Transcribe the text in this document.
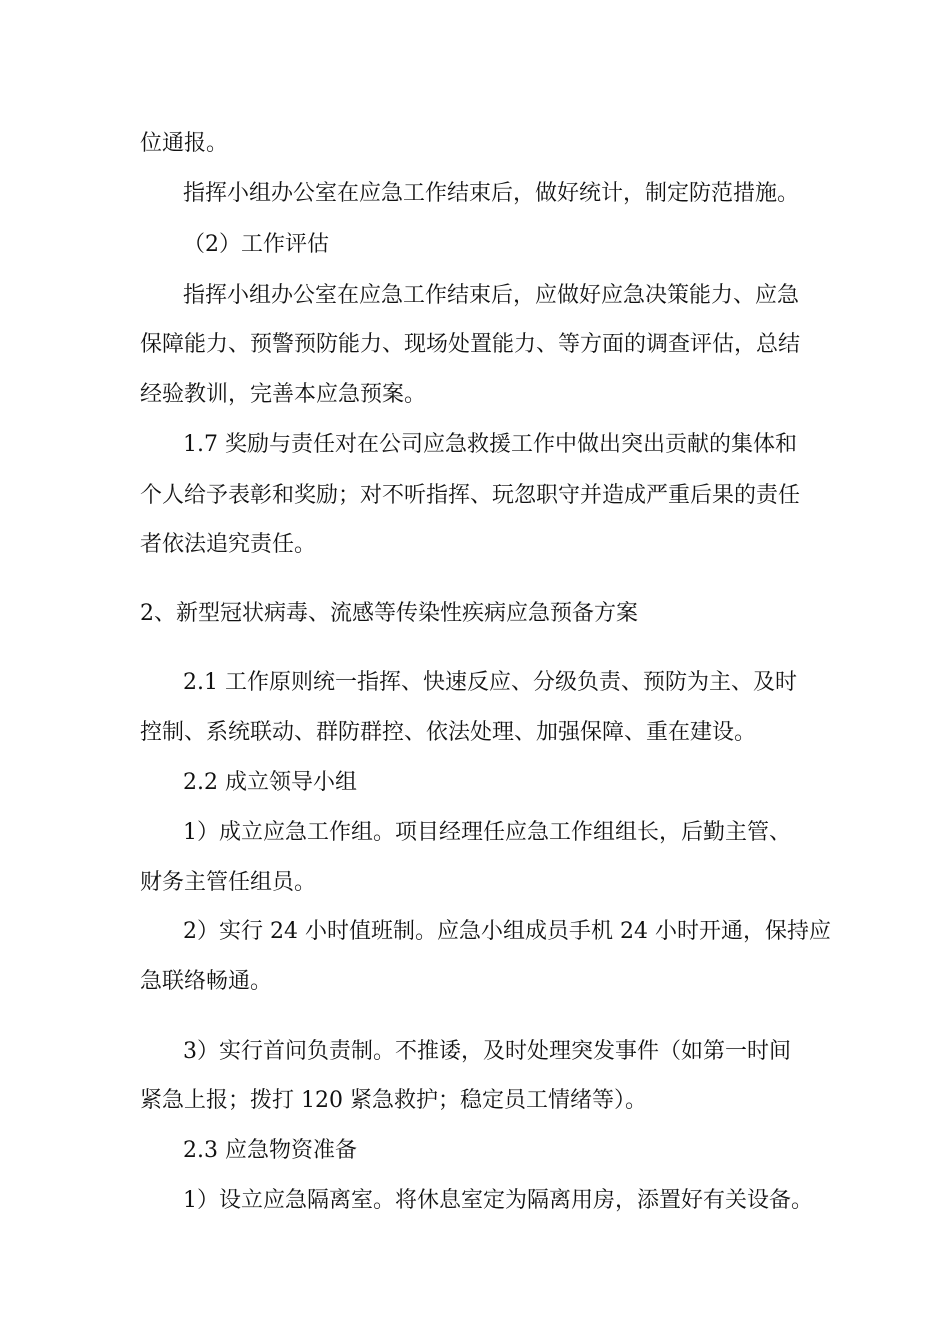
位通报。
指挥小组办公室在应急工作结束后，做好统计，制定防范措施。
（2）工作评估
指挥小组办公室在应急工作结束后，应做好应急决策能力、应急
保障能力、预警预防能力、现场处置能力、等方面的调查评估，总结
经验教训，完善本应急预案。
1.7 奖励与责任对在公司应急救援工作中做出突出贡献的集体和
个人给予表彰和奖励；对不听指挥、玩忽职守并造成严重后果的责任
者依法追究责任。
2、新型冠状病毒、流感等传染性疾病应急预备方案
2.1 工作原则统一指挥、快速反应、分级负责、预防为主、及时
控制、系统联动、群防群控、依法处理、加强保障、重在建设。
2.2 成立领导小组
1）成立应急工作组。项目经理任应急工作组组长，后勤主管、
财务主管任组员。
2）实行 24 小时值班制。应急小组成员手机 24 小时开通，保持应
急联络畅通。
3）实行首问负责制。不推诿，及时处理突发事件（如第一时间
紧急上报；拨打 120 紧急救护；稳定员工情绪等）。
2.3 应急物资准备
1）设立应急隔离室。将休息室定为隔离用房，添置好有关设备。
